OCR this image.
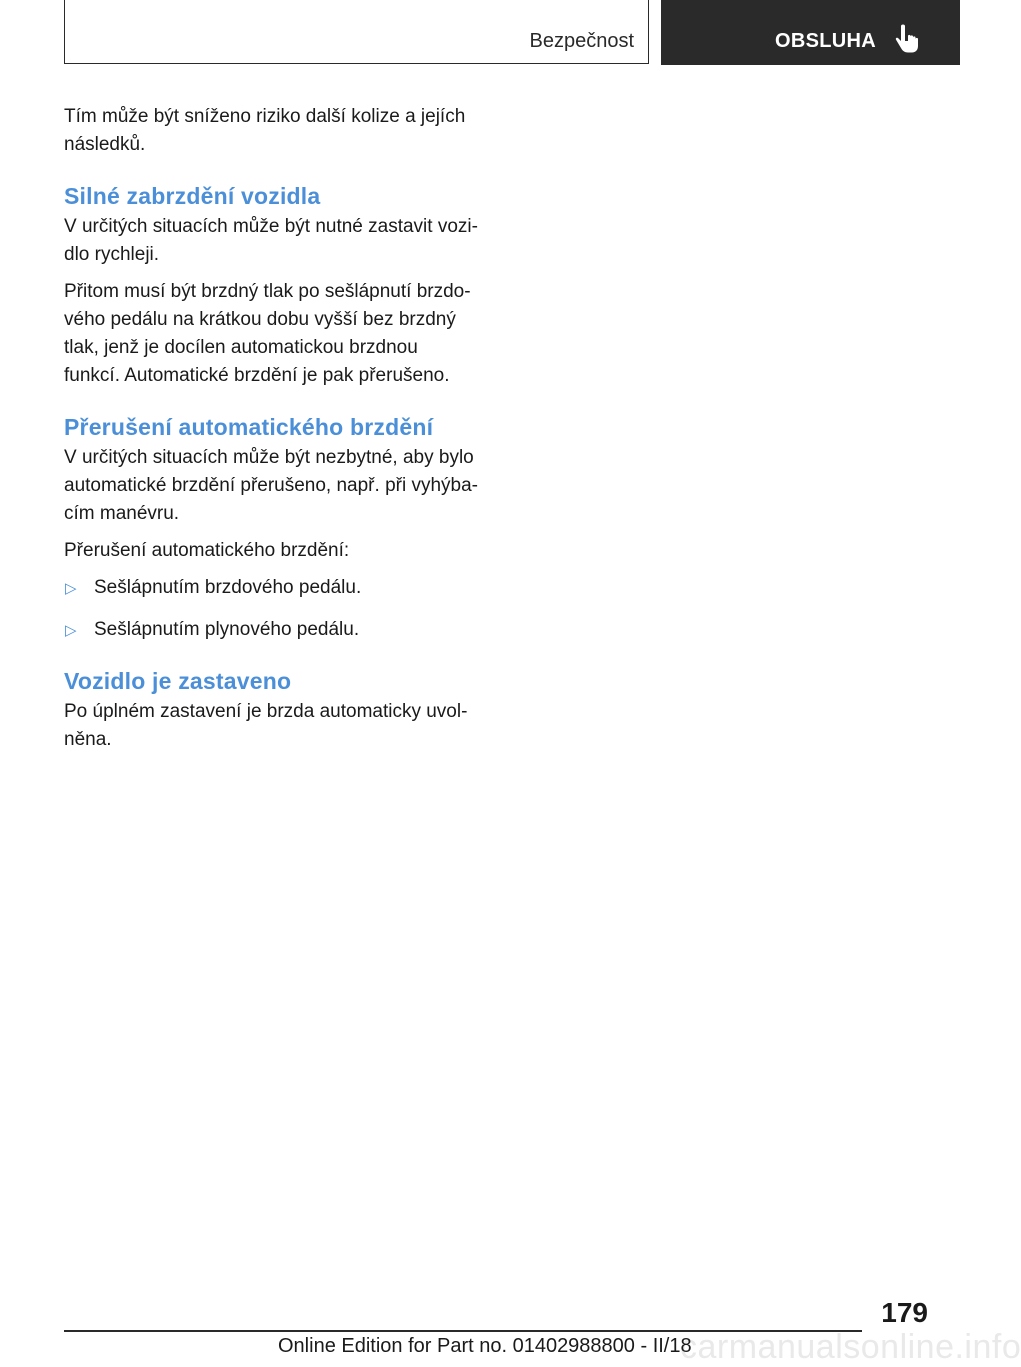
Bezpečnost	OBSLUHA

Tím může být sníženo riziko další kolize a jejích následků.

Silné zabrzdění vozidla

V určitých situacích může být nutné zastavit vozidlo rychleji.

Přitom musí být brzdný tlak po sešlápnutí brzdového pedálu na krátkou dobu vyšší bez brzdný tlak, jenž je docílen automatickou brzdnou funkcí. Automatické brzdění je pak přerušeno.

Přerušení automatického brzdění

V určitých situacích může být nezbytné, aby bylo automatické brzdění přerušeno, např. při vyhýbacím manévru.

Přerušení automatického brzdění:

▷ Sešlápnutím brzdového pedálu.
▷ Sešlápnutím plynového pedálu.
Vozidlo je zastaveno

Po úplném zastavení je brzda automaticky uvolněna.

179
carmanualsonline.info
Online Edition for Part no. 01402988800 - II/18
